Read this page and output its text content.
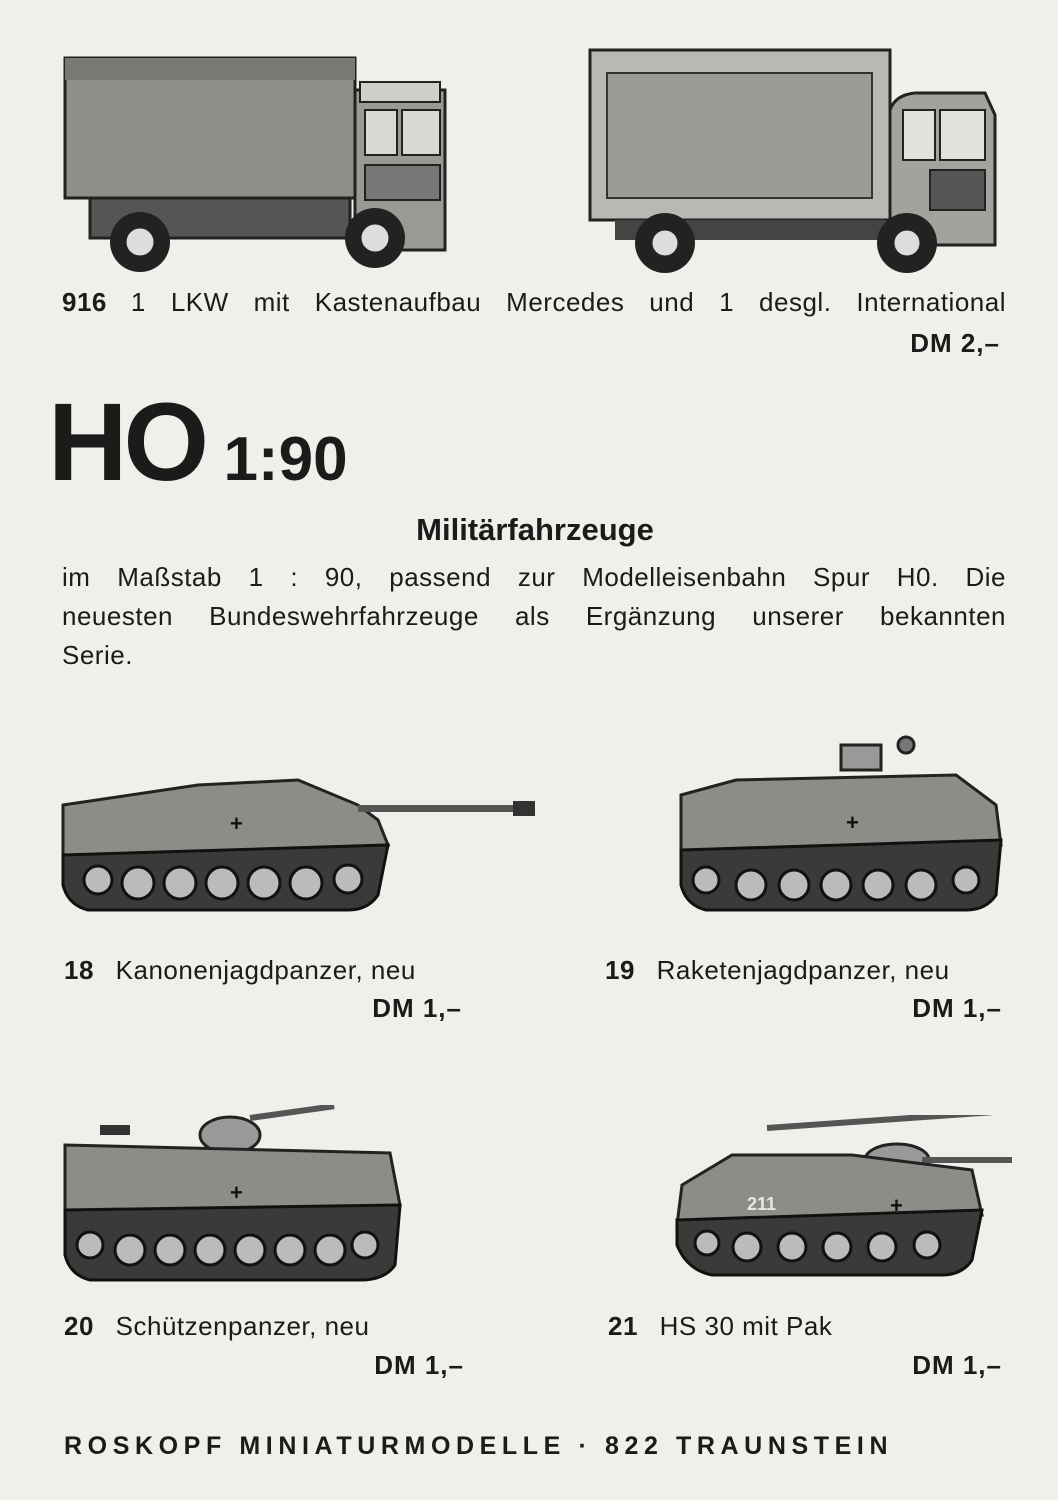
916 1 LKW mit Kastenaufbau Mercedes und 1 desgl. International
DM 2,–
HO 1:90
Militärfahrzeuge
im Maßstab 1 : 90, passend zur Modelleisenbahn Spur H0. Die
neuesten Bundeswehrfahrzeuge als Ergänzung unserer bekannten
Serie.
+	+
+	211	+
18 Kanonenjagdpanzer, neu
DM 1,–
19 Raketenjagdpanzer, neu
DM 1,–
20 Schützenpanzer, neu
DM 1,–
21 HS 30 mit Pak
DM 1,–
ROSKOPF MINIATURMODELLE · 822 TRAUNSTEIN
